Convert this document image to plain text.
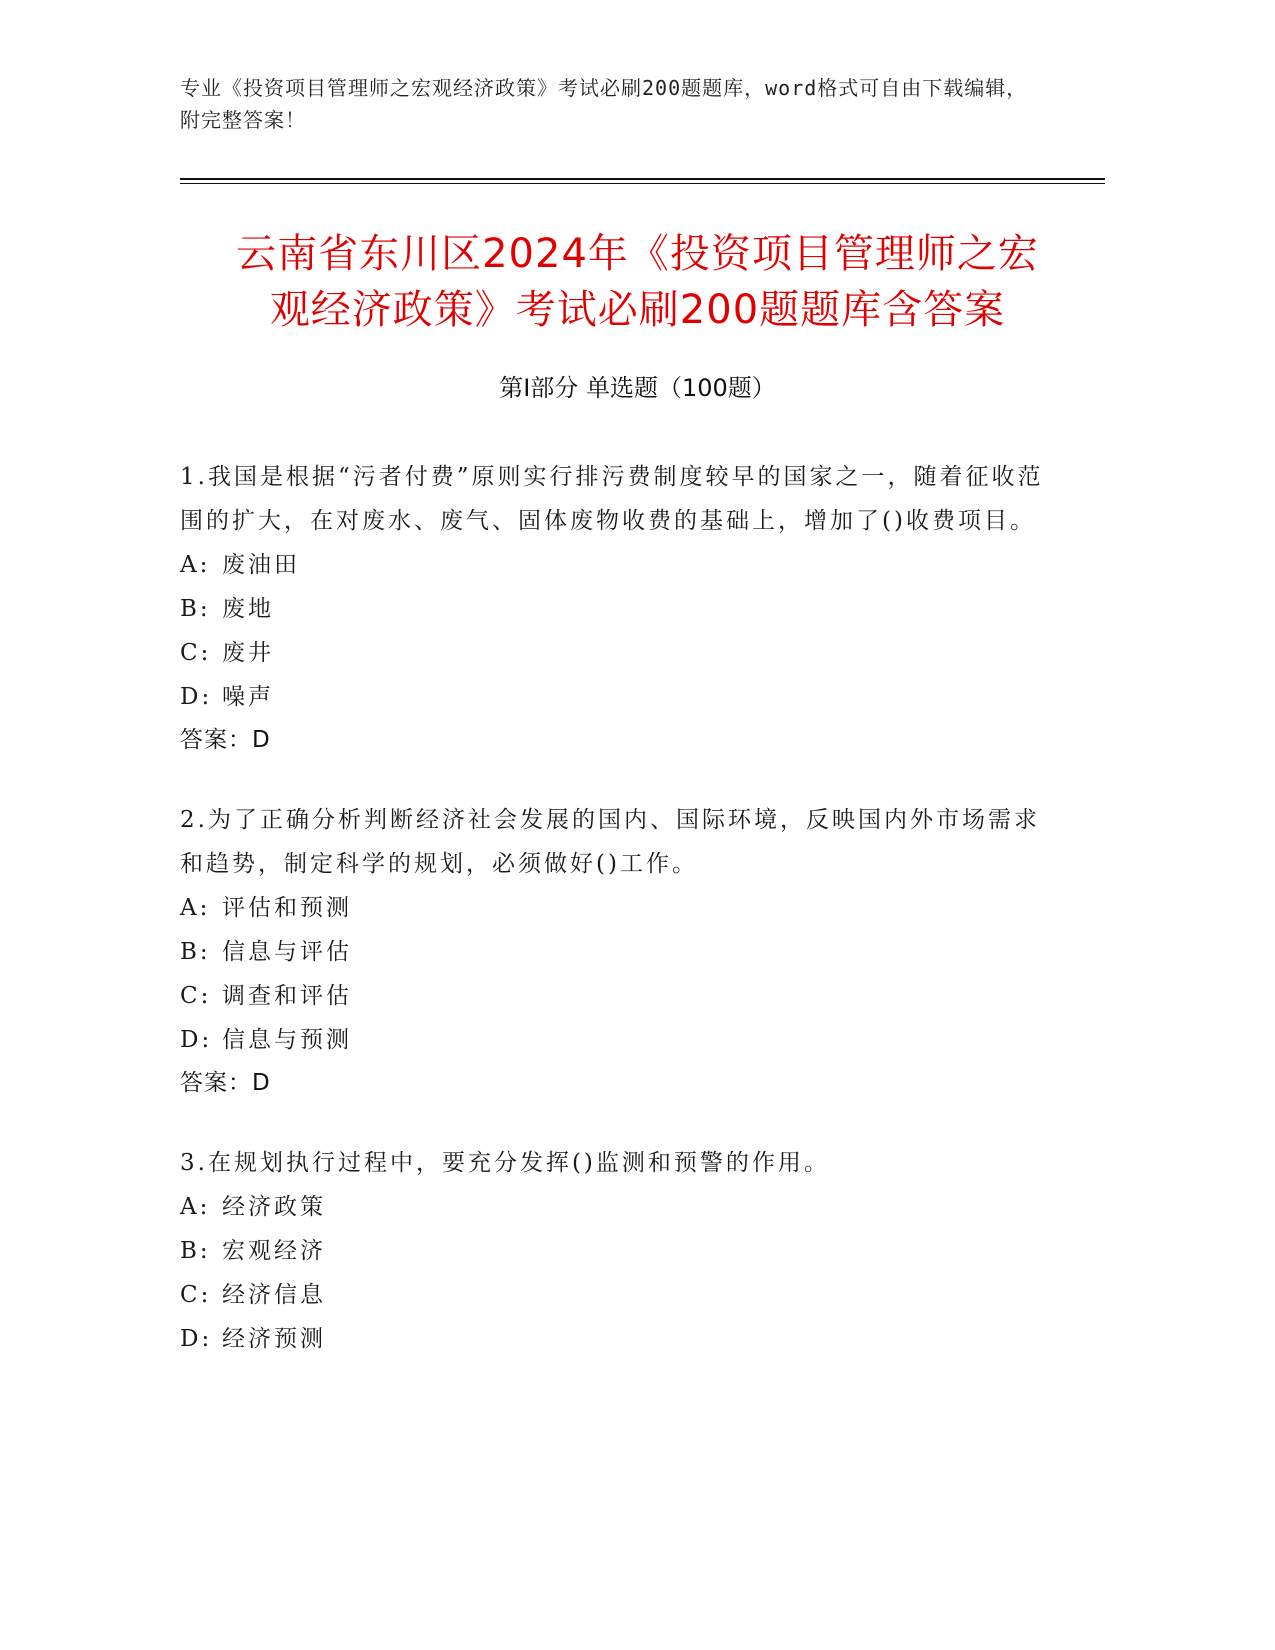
专业《投资项目管理师之宏观经济政策》考试必刷200题题库，word格式可自由下载编辑，附完整答案！
云南省东川区2024年《投资项目管理师之宏
观经济政策》考试必刷200题题库含答案
第Ⅰ部分 单选题（100题）
1.我国是根据“污者付费”原则实行排污费制度较早的国家之一，随着征收范围的扩大，在对废水、废气、固体废物收费的基础上，增加了()收费项目。
A: 废油田
B: 废地
C: 废井
D: 噪声
答案：D
2.为了正确分析判断经济社会发展的国内、国际环境，反映国内外市场需求和趋势，制定科学的规划，必须做好()工作。
A: 评估和预测
B: 信息与评估
C: 调查和评估
D: 信息与预测
答案：D
3.在规划执行过程中，要充分发挥()监测和预警的作用。
A: 经济政策
B: 宏观经济
C: 经济信息
D: 经济预测
